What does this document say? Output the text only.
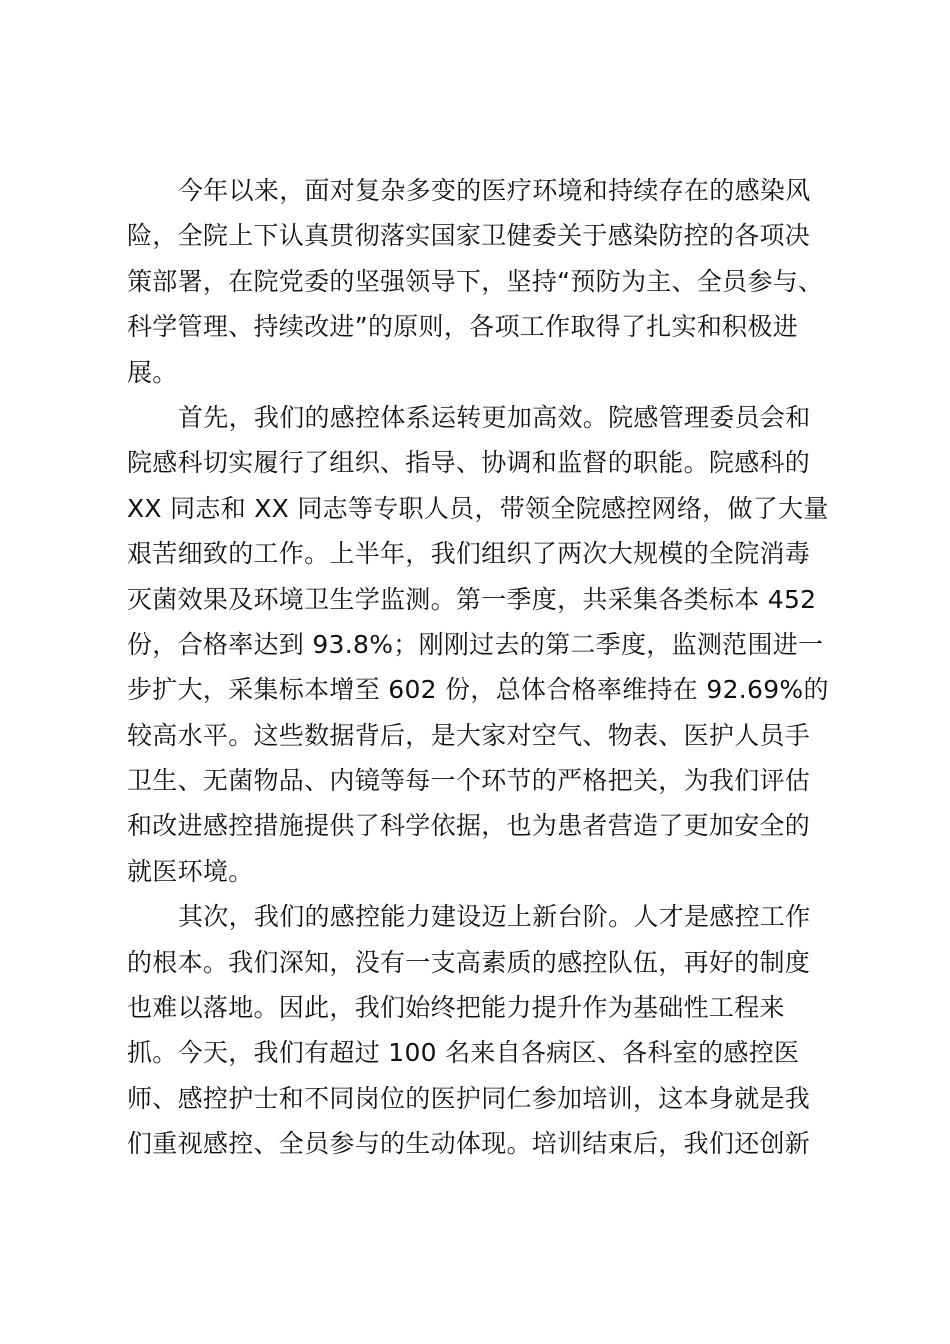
今年以来，面对复杂多变的医疗环境和持续存在的感染风
险，全院上下认真贯彻落实国家卫健委关于感染防控的各项决
策部署，在院党委的坚强领导下，坚持“预防为主、全员参与、
科学管理、持续改进”的原则，各项工作取得了扎实和积极进
展。

首先，我们的感控体系运转更加高效。院感管理委员会和
院感科切实履行了组织、指导、协调和监督的职能。院感科的
XX 同志和 XX 同志等专职人员，带领全院感控网络，做了大量
艰苦细致的工作。上半年，我们组织了两次大规模的全院消毒
灭菌效果及环境卫生学监测。第一季度，共采集各类标本 452
份，合格率达到 93.8%；刚刚过去的第二季度，监测范围进一
步扩大，采集标本增至 602 份，总体合格率维持在 92.69%的
较高水平。这些数据背后，是大家对空气、物表、医护人员手
卫生、无菌物品、内镜等每一个环节的严格把关，为我们评估
和改进感控措施提供了科学依据，也为患者营造了更加安全的
就医环境。

其次，我们的感控能力建设迈上新台阶。人才是感控工作
的根本。我们深知，没有一支高素质的感控队伍，再好的制度
也难以落地。因此，我们始终把能力提升作为基础性工程来
抓。今天，我们有超过 100 名来自各病区、各科室的感控医
师、感控护士和不同岗位的医护同仁参加培训，这本身就是我
们重视感控、全员参与的生动体现。培训结束后，我们还创新
